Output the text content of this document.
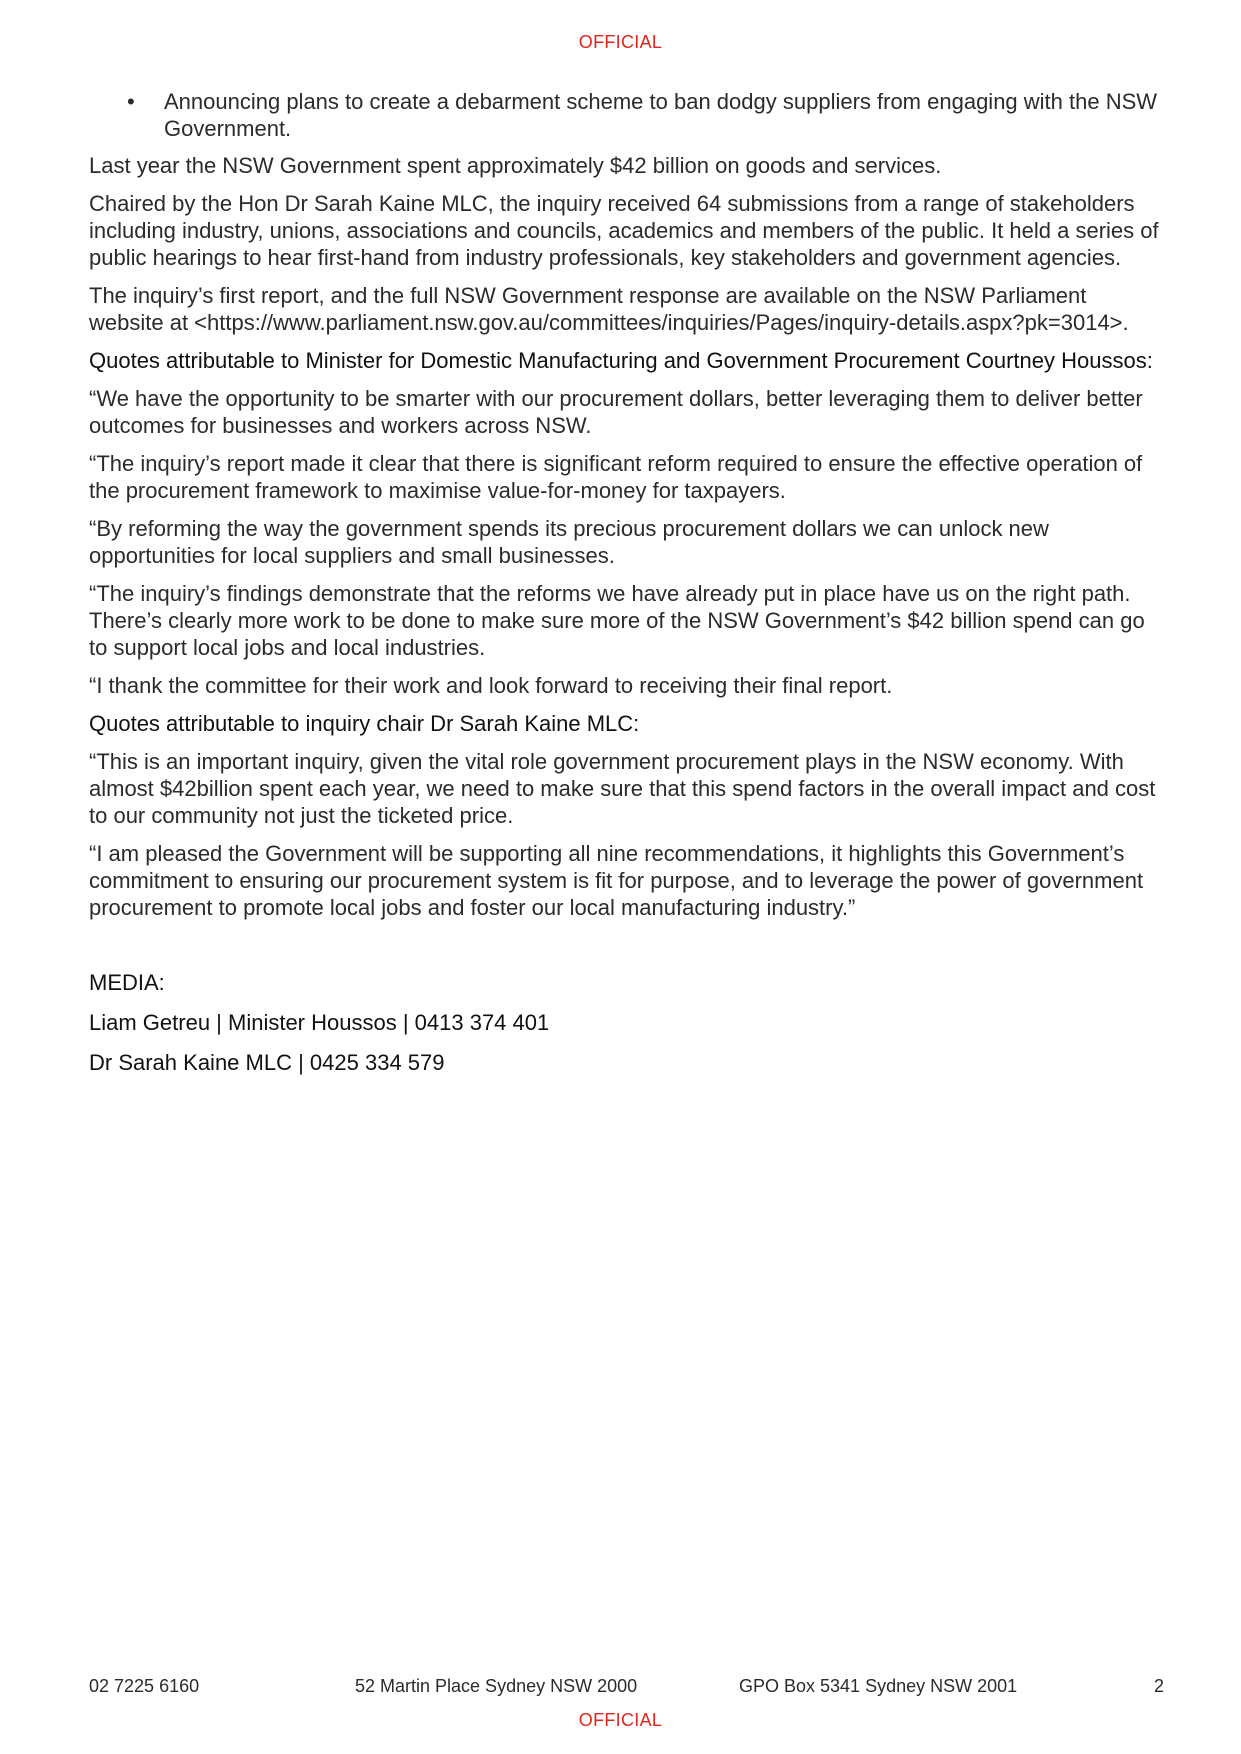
OFFICIAL
•	Announcing plans to create a debarment scheme to ban dodgy suppliers from engaging with the NSW Government.

Last year the NSW Government spent approximately $42 billion on goods and services.

Chaired by the Hon Dr Sarah Kaine MLC, the inquiry received 64 submissions from a range of stakeholders including industry, unions, associations and councils, academics and members of the public. It held a series of public hearings to hear first-hand from industry professionals, key stakeholders and government agencies.

The inquiry’s first report, and the full NSW Government response are available on the NSW Parliament website at <https://www.parliament.nsw.gov.au/committees/inquiries/Pages/inquiry-details.aspx?pk=3014>.

Quotes attributable to Minister for Domestic Manufacturing and Government Procurement Courtney Houssos:

“We have the opportunity to be smarter with our procurement dollars, better leveraging them to deliver better outcomes for businesses and workers across NSW.

“The inquiry’s report made it clear that there is significant reform required to ensure the effective operation of the procurement framework to maximise value-for-money for taxpayers.

“By reforming the way the government spends its precious procurement dollars we can unlock new opportunities for local suppliers and small businesses.

“The inquiry’s findings demonstrate that the reforms we have already put in place have us on the right path. There’s clearly more work to be done to make sure more of the NSW Government’s $42 billion spend can go to support local jobs and local industries.

“I thank the committee for their work and look forward to receiving their final report.

Quotes attributable to inquiry chair Dr Sarah Kaine MLC:

“This is an important inquiry, given the vital role government procurement plays in the NSW economy. With almost $42billion spent each year, we need to make sure that this spend factors in the overall impact and cost to our community not just the ticketed price.

“I am pleased the Government will be supporting all nine recommendations, it highlights this Government’s commitment to ensuring our procurement system is fit for purpose, and to leverage the power of government procurement to promote local jobs and foster our local manufacturing industry.”

MEDIA:
Liam Getreu | Minister Houssos | 0413 374 401
Dr Sarah Kaine MLC | 0425 334 579
02 7225 6160	52 Martin Place Sydney NSW 2000	GPO Box 5341 Sydney NSW 2001	2
OFFICIAL
